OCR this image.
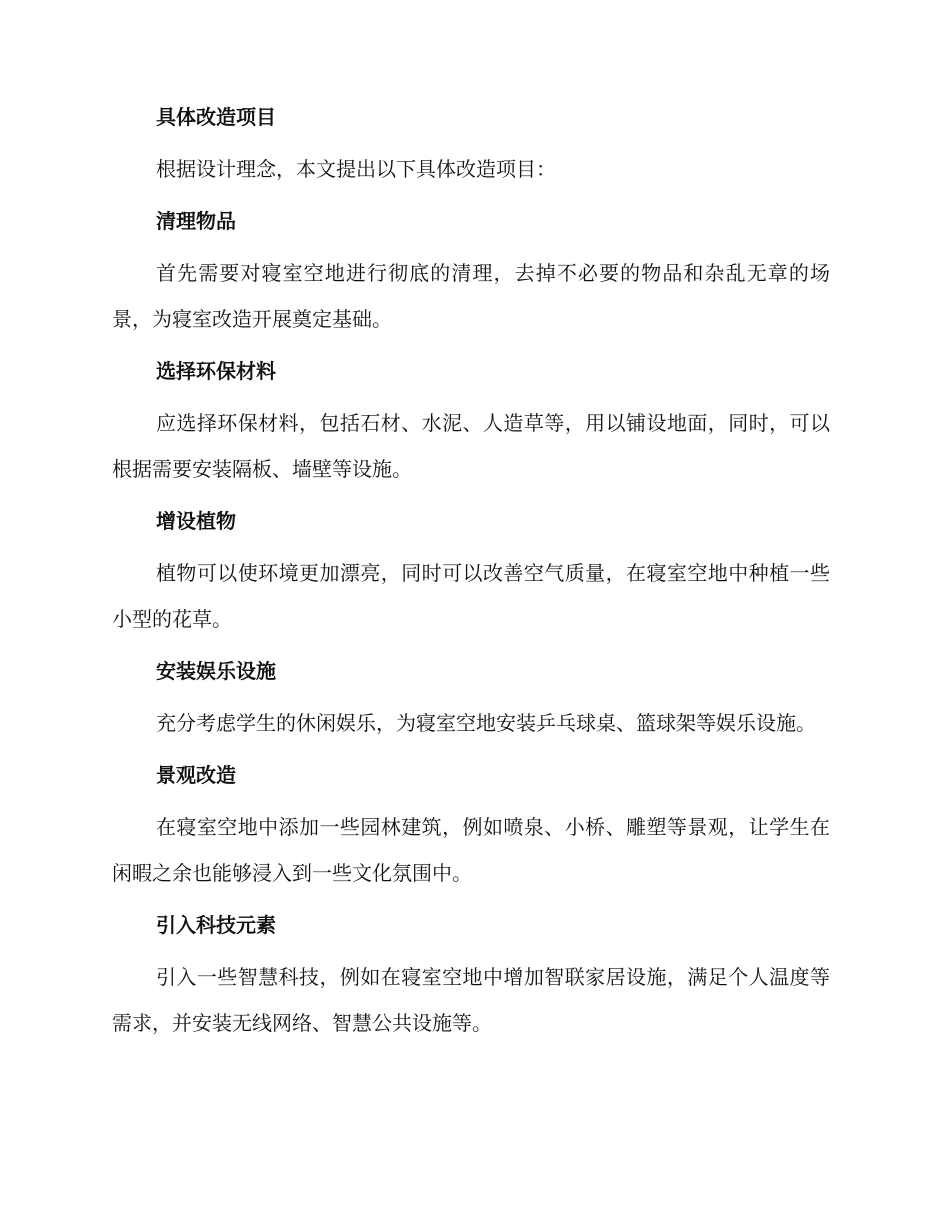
具体改造项目

根据设计理念，本文提出以下具体改造项目：

清理物品

首先需要对寝室空地进行彻底的清理，去掉不必要的物品和杂乱无章的场景，为寝室改造开展奠定基础。

选择环保材料

应选择环保材料，包括石材、水泥、人造草等，用以铺设地面，同时，可以根据需要安装隔板、墙壁等设施。

增设植物

植物可以使环境更加漂亮，同时可以改善空气质量，在寝室空地中种植一些小型的花草。

安装娱乐设施

充分考虑学生的休闲娱乐，为寝室空地安装乒乓球桌、篮球架等娱乐设施。

景观改造

在寝室空地中添加一些园林建筑，例如喷泉、小桥、雕塑等景观，让学生在闲暇之余也能够浸入到一些文化氛围中。

引入科技元素

引入一些智慧科技，例如在寝室空地中增加智联家居设施，满足个人温度等需求，并安装无线网络、智慧公共设施等。
